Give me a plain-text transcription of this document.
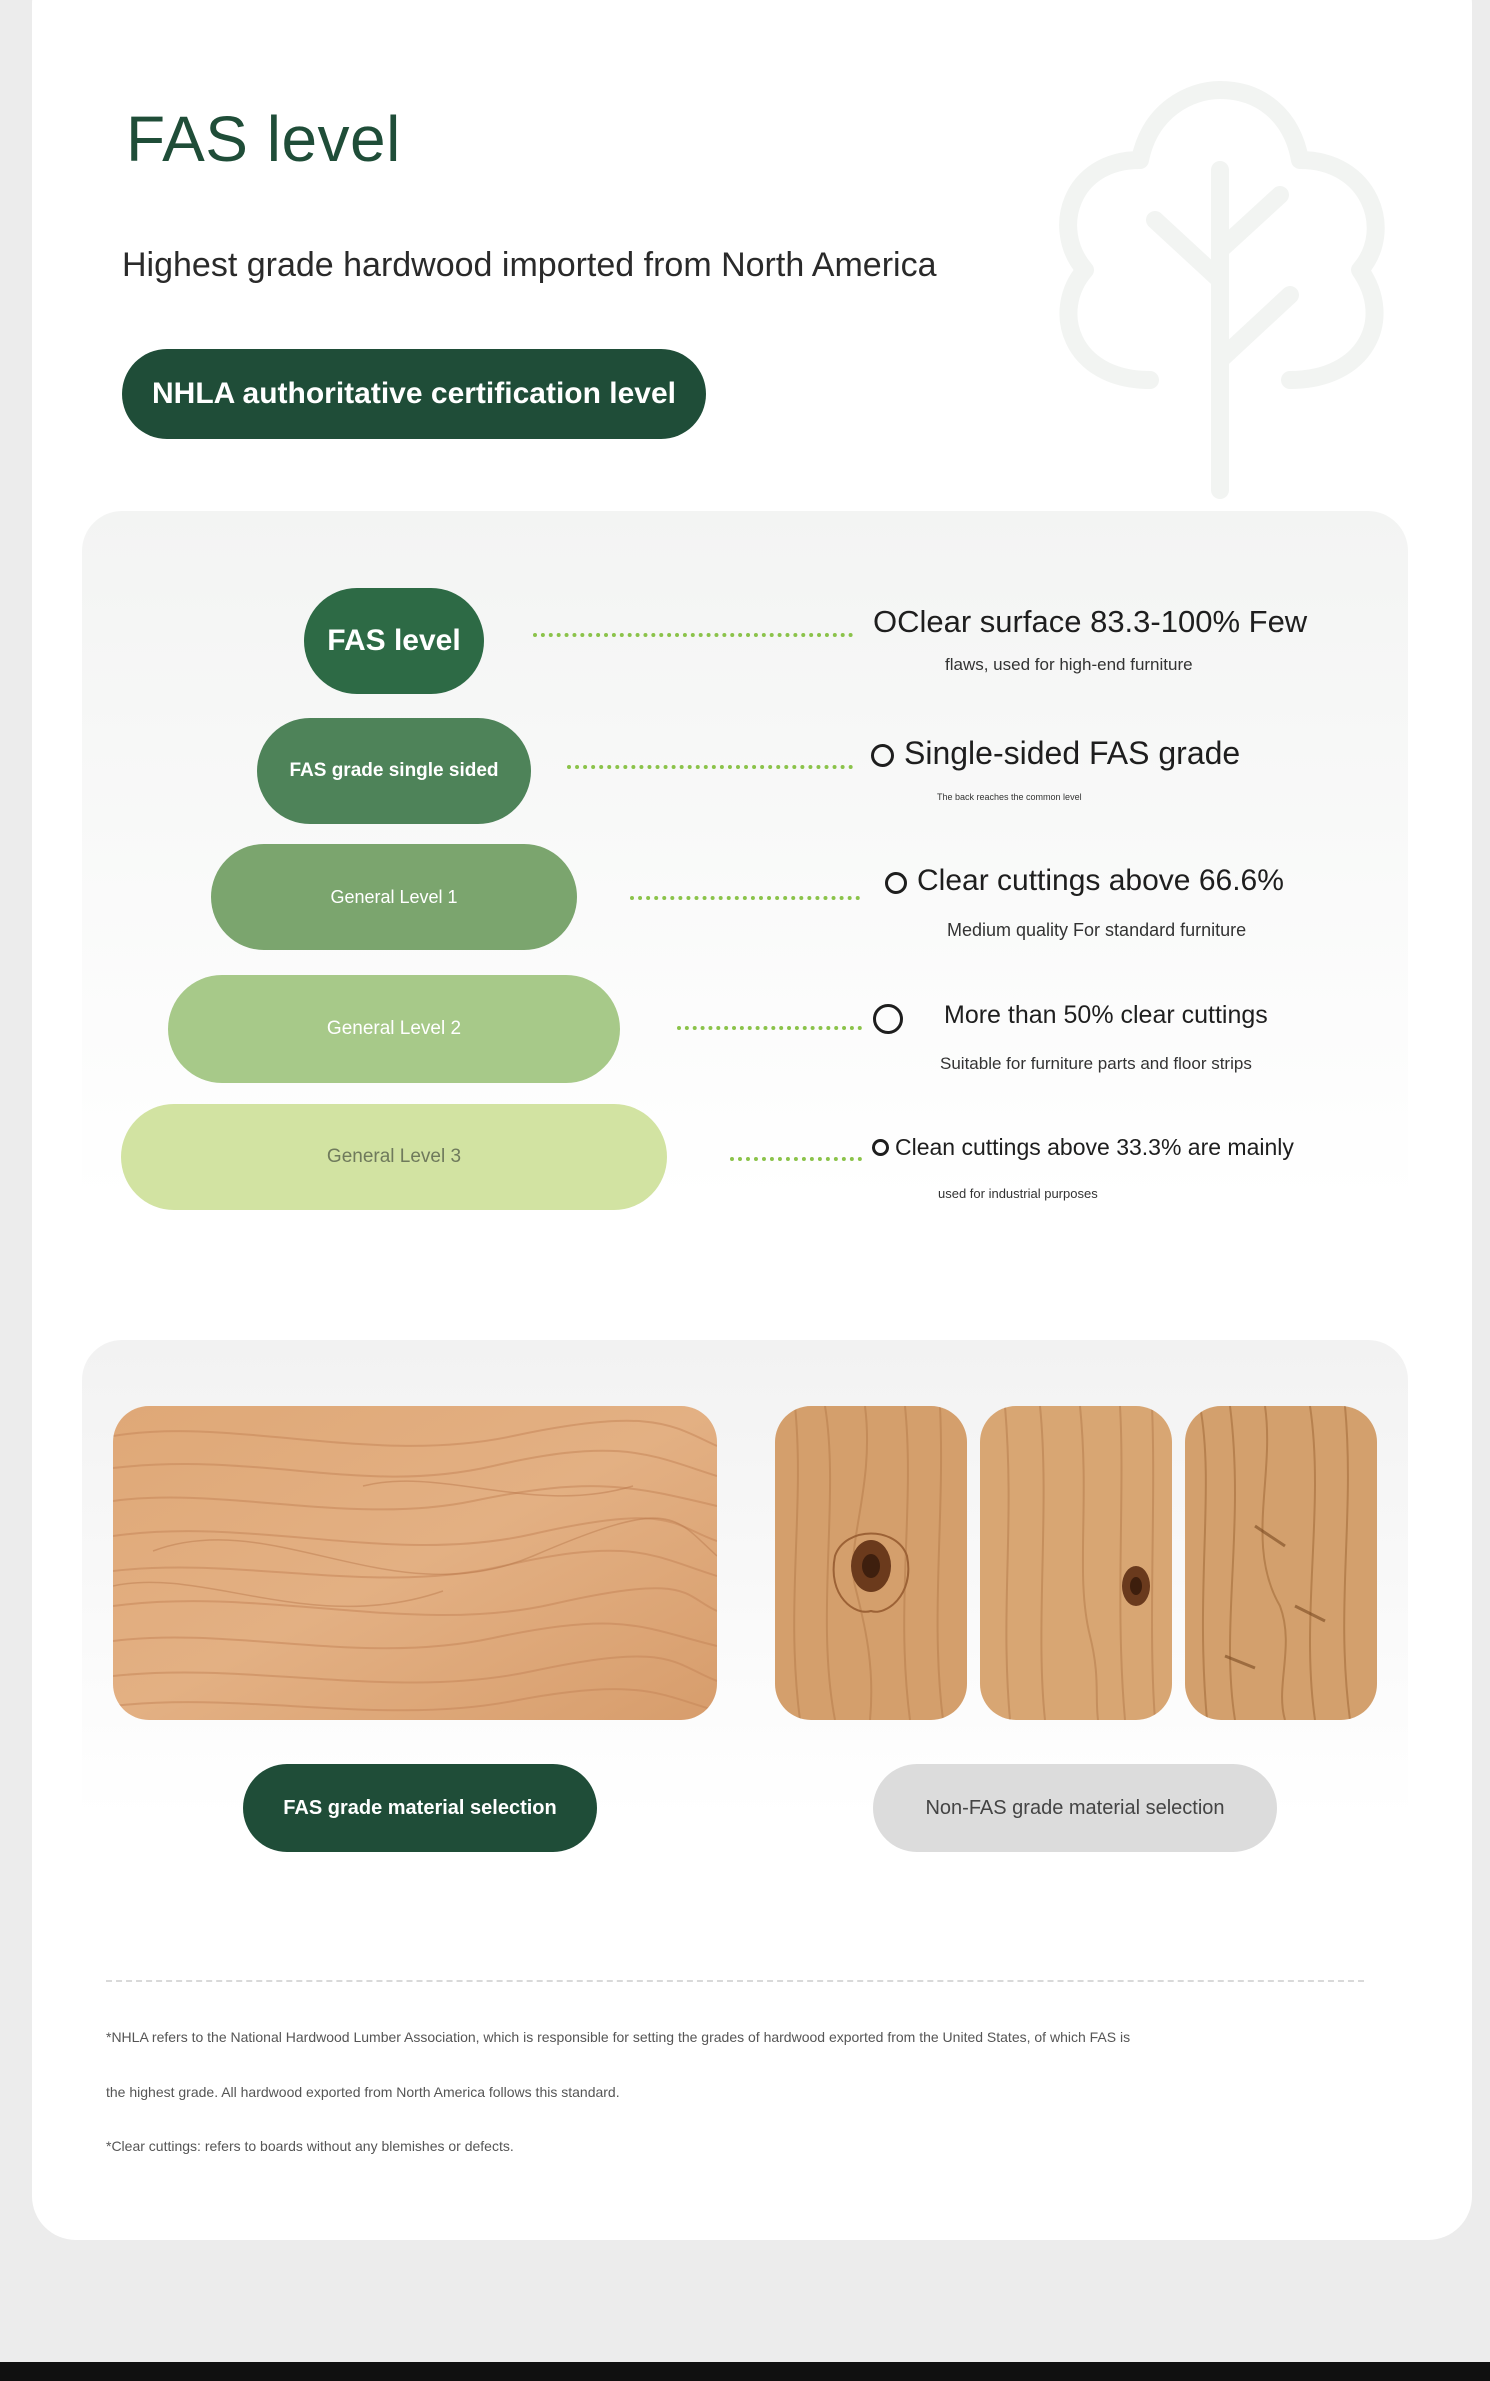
FAS level
Highest grade hardwood imported from North America
NHLA authoritative certification level
FAS level
OClear surface 83.3-100% Few
flaws, used for high-end furniture
FAS grade single sided	Single-sided FAS grade
The back reaches the common level
General Level 1	Clear cuttings above 66.6%
Medium quality For standard furniture
General Level 2	More than 50% clear cuttings
Suitable for furniture parts and floor strips
General Level 3	Clean cuttings above 33.3% are mainly
used for industrial purposes
FAS grade material selection	Non-FAS grade material selection
*NHLA refers to the National Hardwood Lumber Association, which is responsible for setting the grades of hardwood exported from the United States, of which FAS is
the highest grade. All hardwood exported from North America follows this standard.
*Clear cuttings: refers to boards without any blemishes or defects.
